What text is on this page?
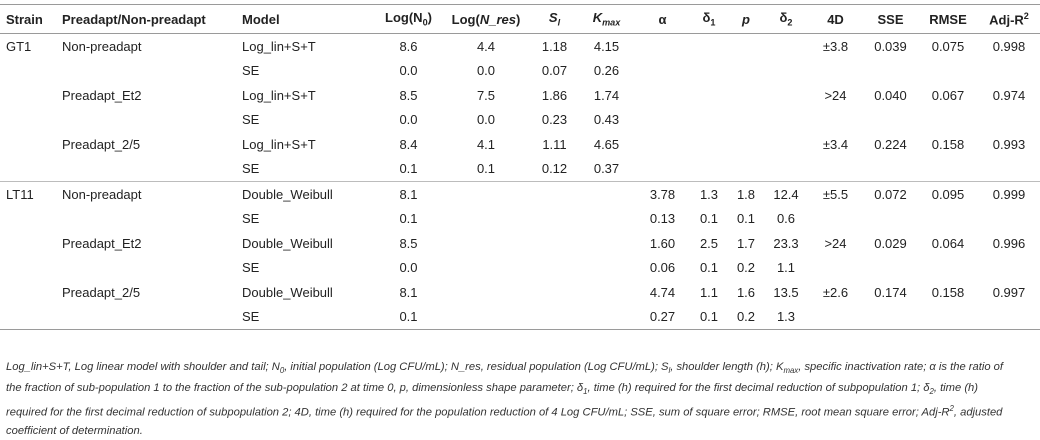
Strain	Preadapt/Non-preadapt	Model	$Log(N_0)$	Log(N_res)	$S_l$	$K_{max}$	α	$\delta_1$	p	$\delta_2$	4D	SSE	RMSE	Adj-$R^2$
GT1	Non-preadapt	Log_lin+S+T	8.6	4.4	1.18	4.15					±3.8	0.039	0.075	0.998
		SE	0.0	0.0	0.07	0.26								
	Preadapt_Et2	Log_lin+S+T	8.5	7.5	1.86	1.74					>24	0.040	0.067	0.974
		SE	0.0	0.0	0.23	0.43								
	Preadapt_2/5	Log_lin+S+T	8.4	4.1	1.11	4.65					±3.4	0.224	0.158	0.993
		SE	0.1	0.1	0.12	0.37								
LT11	Non-preadapt	Double_Weibull	8.1				3.78	1.3	1.8	12.4	±5.5	0.072	0.095	0.999
		SE	0.1				0.13	0.1	0.1	0.6				
	Preadapt_Et2	Double_Weibull	8.5				1.60	2.5	1.7	23.3	>24	0.029	0.064	0.996
		SE	0.0				0.06	0.1	0.2	1.1				
	Preadapt_2/5	Double_Weibull	8.1				4.74	1.1	1.6	13.5	±2.6	0.174	0.158	0.997
		SE	0.1				0.27	0.1	0.2	1.3				
Log_lin+S+T, Log linear model with shoulder and tail; $N_0$, initial population (Log CFU/mL); N_res, residual population (Log CFU/mL); $S_l$, shoulder length (h); $K_{max}$, specific inactivation rate; α is the ratio of the fraction of sub-population 1 to the fraction of the sub-population 2 at time 0, p, dimensionless shape parameter; $\delta_1$, time (h) required for the first decimal reduction of subpopulation 1; $\delta_2$, time (h) required for the first decimal reduction of subpopulation 2; 4D, time (h) required for the population reduction of 4 Log CFU/mL; SSE, sum of square error; RMSE, root mean square error; Adj-$R^2$, adjusted coefficient of determination.
